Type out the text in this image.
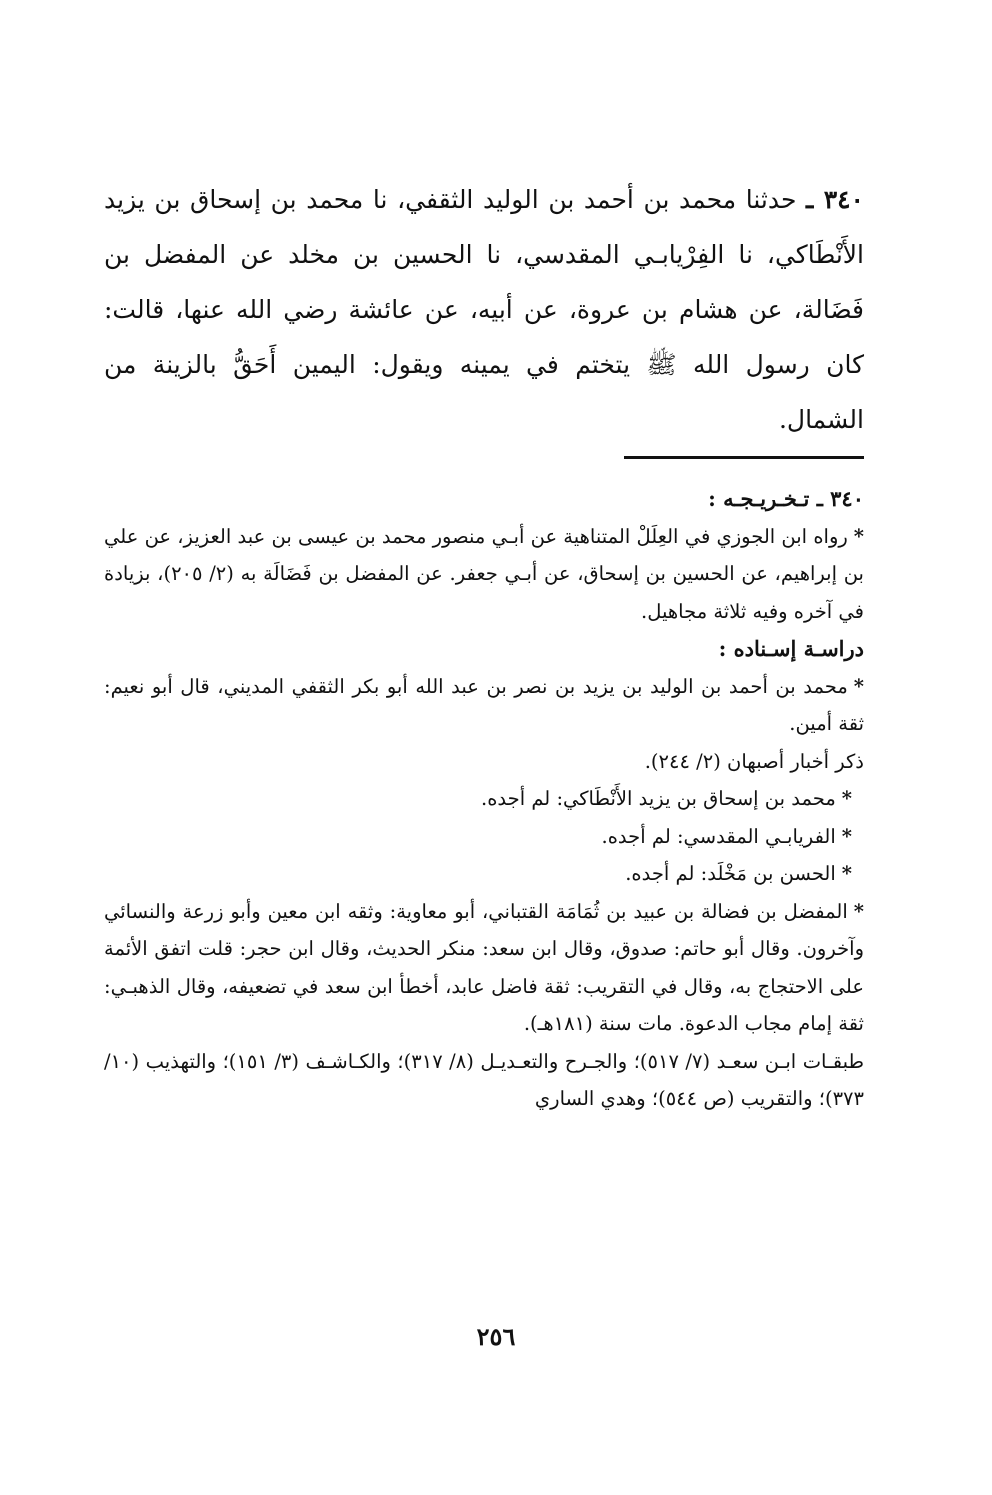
٣٤٠ ـ حدثنا محمد بن أحمد بن الوليد الثقفي، نا محمد بن إسحاق بن يزيد الأَنْطَاكي، نا الفِرْيابـي المقدسي، نا الحسين بن مخلد عن المفضل بن فَضَالة، عن هشام بن عروة، عن أبيه، عن عائشة رضي الله عنها، قالت: كان رسول الله ﷺ يتختم في يمينه ويقول: اليمين أَحَقُّ بالزينة من الشمال.

٣٤٠ ـ تـخـريـجـه :

*رواه ابن الجوزي في العِلَلْ المتناهية عن أبـي منصور محمد بن عيسى بن عبد العزيز، عن علي بن إبراهيم، عن الحسين بن إسحاق، عن أبـي جعفر. عن المفضل بن فَضَالَة به (٢/ ٢٠٥)، بزيادة في آخره وفيه ثلاثة مجاهيل.

دراسـة إسـناده :

*محمد بن أحمد بن الوليد بن يزيد بن نصر بن عبد الله أبو بكر الثقفي المديني، قال أبو نعيم: ثقة أمين.

ذكر أخبار أصبهان (٢/ ٢٤٤).

*محمد بن إسحاق بن يزيد الأَنْطَاكي: لم أجده.

*الفريابـي المقدسي: لم أجده.

*الحسن بن مَخْلَد: لم أجده.

*المفضل بن فضالة بن عبيد بن ثُمَامَة القتباني، أبو معاوية: وثقه ابن معين وأبو زرعة والنسائي وآخرون. وقال أبو حاتم: صدوق، وقال ابن سعد: منكر الحديث، وقال ابن حجر: قلت اتفق الأئمة على الاحتجاج به، وقال في التقريب: ثقة فاضل عابد، أخطأ ابن سعد في تضعيفه، وقال الذهبـي: ثقة إمام مجاب الدعوة. مات سنة (١٨١هـ).

طبقـات ابـن سعـد (٧/ ٥١٧)؛ والجـرح والتعـديـل (٨/ ٣١٧)؛ والكـاشـف (٣/ ١٥١)؛ والتهذيب (١٠/ ٣٧٣)؛ والتقريب (ص ٥٤٤)؛ وهدي الساري

٢٥٦
